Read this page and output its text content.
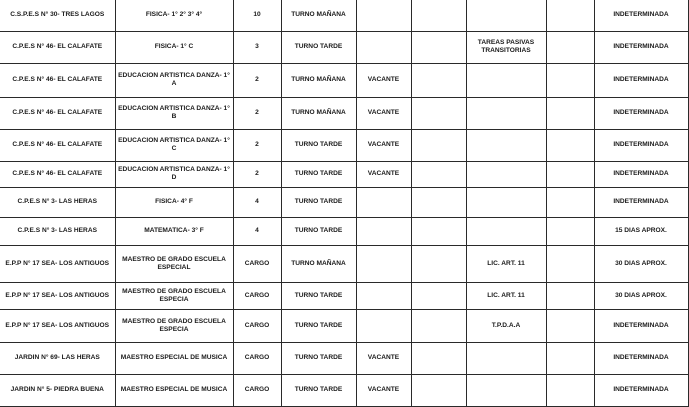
C.S.P.E.S N° 30- TRES LAGOS	FISICA- 1° 2° 3° 4°	10	TURNO MAÑANA					INDETERMINADA
C.P.E.S N° 46- EL CALAFATE	FISICA- 1° C	3	TURNO TARDE			TAREAS PASIVAS TRANSITORIAS		INDETERMINADA
C.P.E.S N° 46- EL CALAFATE	EDUCACION ARTISTICA DANZA- 1° A	2	TURNO MAÑANA	VACANTE				INDETERMINADA
C.P.E.S N° 46- EL CALAFATE	EDUCACION ARTISTICA DANZA- 1° B	2	TURNO MAÑANA	VACANTE				INDETERMINADA
C.P.E.S N° 46- EL CALAFATE	EDUCACION ARTISTICA DANZA- 1° C	2	TURNO TARDE	VACANTE				INDETERMINADA
C.P.E.S N° 46- EL CALAFATE	EDUCACION ARTISTICA DANZA- 1° D	2	TURNO TARDE	VACANTE				INDETERMINADA
C.P.E.S N° 3- LAS HERAS	FISICA- 4° F	4	TURNO TARDE					INDETERMINADA
C.P.E.S N° 3- LAS HERAS	MATEMATICA- 3° F	4	TURNO TARDE					15 DIAS APROX.
E.P.P N° 17 SEA- LOS ANTIGUOS	MAESTRO DE GRADO ESCUELA ESPECIAL	CARGO	TURNO MAÑANA			LIC. ART. 11		30 DIAS APROX.
E.P.P N° 17 SEA- LOS ANTIGUOS	MAESTRO DE GRADO ESCUELA ESPECIA	CARGO	TURNO TARDE			LIC. ART. 11		30 DIAS APROX.
E.P.P N° 17 SEA- LOS ANTIGUOS	MAESTRO DE GRADO ESCUELA ESPECIA	CARGO	TURNO TARDE			T.P.D.A.A		INDETERMINADA
JARDIN N° 69- LAS HERAS	MAESTRO ESPECIAL DE MUSICA	CARGO	TURNO TARDE	VACANTE				INDETERMINADA
JARDIN N° 5- PIEDRA BUENA	MAESTRO ESPECIAL DE MUSICA	CARGO	TURNO TARDE	VACANTE				INDETERMINADA
